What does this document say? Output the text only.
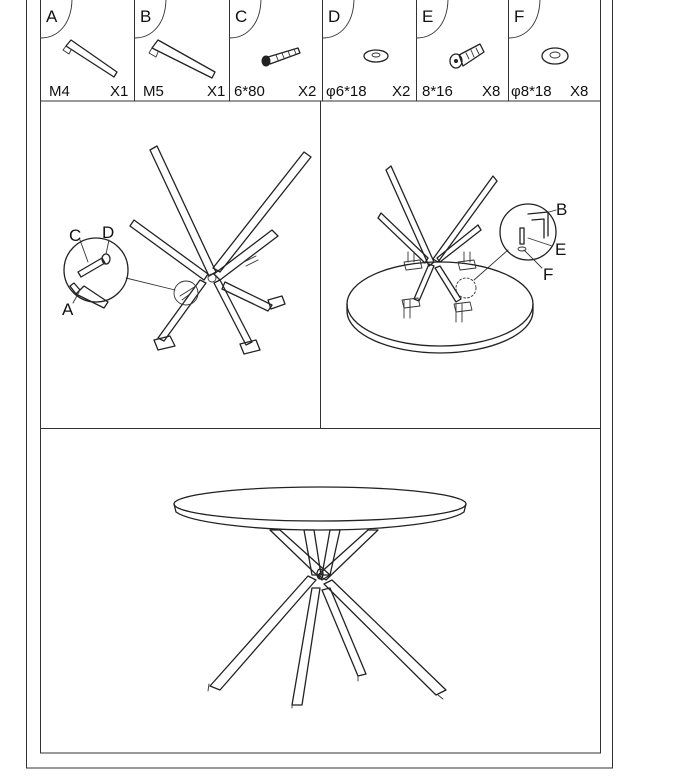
A
M4	X1
B
M5	X1
C
6*80 X2
D
φ6*18 X2
E
8*16 X8
F
φ8*18 X8
C D
A
B
E
F
